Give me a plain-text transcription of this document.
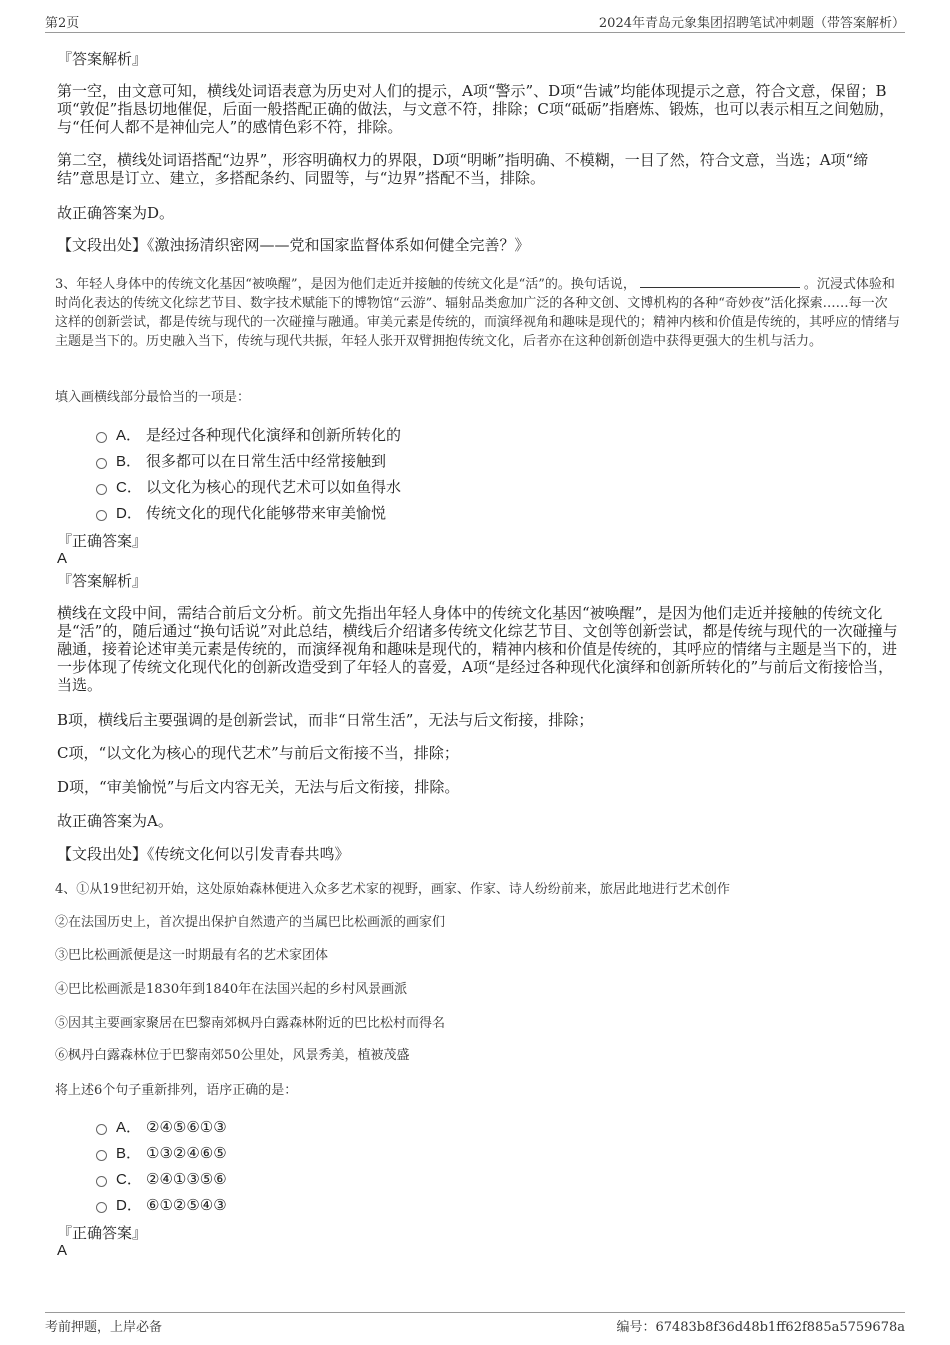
第2页	2024年青岛元象集团招聘笔试冲刺题（带答案解析）
『答案解析』

第一空，由文意可知，横线处词语表意为历史对人们的提示，A项“警示”、D项“告诫”均能体现提示之意，符合文意，保留；B项“敦促”指恳切地催促，后面一般搭配正确的做法，与文意不符，排除；C项“砥砺”指磨炼、锻炼，也可以表示相互之间勉励，与“任何人都不是神仙完人”的感情色彩不符，排除。

第二空，横线处词语搭配“边界”，形容明确权力的界限，D项“明晰”指明确、不模糊，一目了然，符合文意，当选；A项“缔结”意思是订立、建立，多搭配条约、同盟等，与“边界”搭配不当，排除。

故正确答案为D。

【文段出处】《激浊扬清织密网——党和国家监督体系如何健全完善？》

3、年轻人身体中的传统文化基因“被唤醒”，是因为他们走近并接触的传统文化是“活”的。换句话说，	。沉浸式体验和时尚化表达的传统文化综艺节目、数字技术赋能下的博物馆“云游”、辐射品类愈加广泛的各种文创、文博机构的各种“奇妙夜”活化探索……每一次这样的创新尝试，都是传统与现代的一次碰撞与融通。审美元素是传统的，而演绎视角和趣味是现代的；精神内核和价值是传统的，其呼应的情绪与主题是当下的。历史融入当下，传统与现代共振，年轻人张开双臂拥抱传统文化，后者亦在这种创新创造中获得更强大的生机与活力。

填入画横线部分最恰当的一项是：

A． 是经过各种现代化演绎和创新所转化的
B． 很多都可以在日常生活中经常接触到
C． 以文化为核心的现代艺术可以如鱼得水
D． 传统文化的现代化能够带来审美愉悦
『正确答案』
A
『答案解析』

横线在文段中间，需结合前后文分析。前文先指出年轻人身体中的传统文化基因“被唤醒”，是因为他们走近并接触的传统文化是“活”的，随后通过“换句话说”对此总结，横线后介绍诸多传统文化综艺节目、文创等创新尝试，都是传统与现代的一次碰撞与融通，接着论述审美元素是传统的，而演绎视角和趣味是现代的，精神内核和价值是传统的，其呼应的情绪与主题是当下的，进一步体现了传统文化现代化的创新改造受到了年轻人的喜爱，A项“是经过各种现代化演绎和创新所转化的”与前后文衔接恰当，当选。

B项，横线后主要强调的是创新尝试，而非“日常生活”，无法与后文衔接，排除；

C项，“以文化为核心的现代艺术”与前后文衔接不当，排除；

D项，“审美愉悦”与后文内容无关，无法与后文衔接，排除。

故正确答案为A。

【文段出处】《传统文化何以引发青春共鸣》

4、①从19世纪初开始，这处原始森林便进入众多艺术家的视野，画家、作家、诗人纷纷前来，旅居此地进行艺术创作

②在法国历史上，首次提出保护自然遗产的当属巴比松画派的画家们

③巴比松画派便是这一时期最有名的艺术家团体

④巴比松画派是1830年到1840年在法国兴起的乡村风景画派

⑤因其主要画家聚居在巴黎南郊枫丹白露森林附近的巴比松村而得名

⑥枫丹白露森林位于巴黎南郊50公里处，风景秀美，植被茂盛

将上述6个句子重新排列，语序正确的是：

A． ②④⑤⑥①③
B． ①③②④⑥⑤
C． ②④①③⑤⑥
D． ⑥①②⑤④③
『正确答案』
A
考前押题，上岸必备	编号：67483b8f36d48b1ff62f885a5759678a
